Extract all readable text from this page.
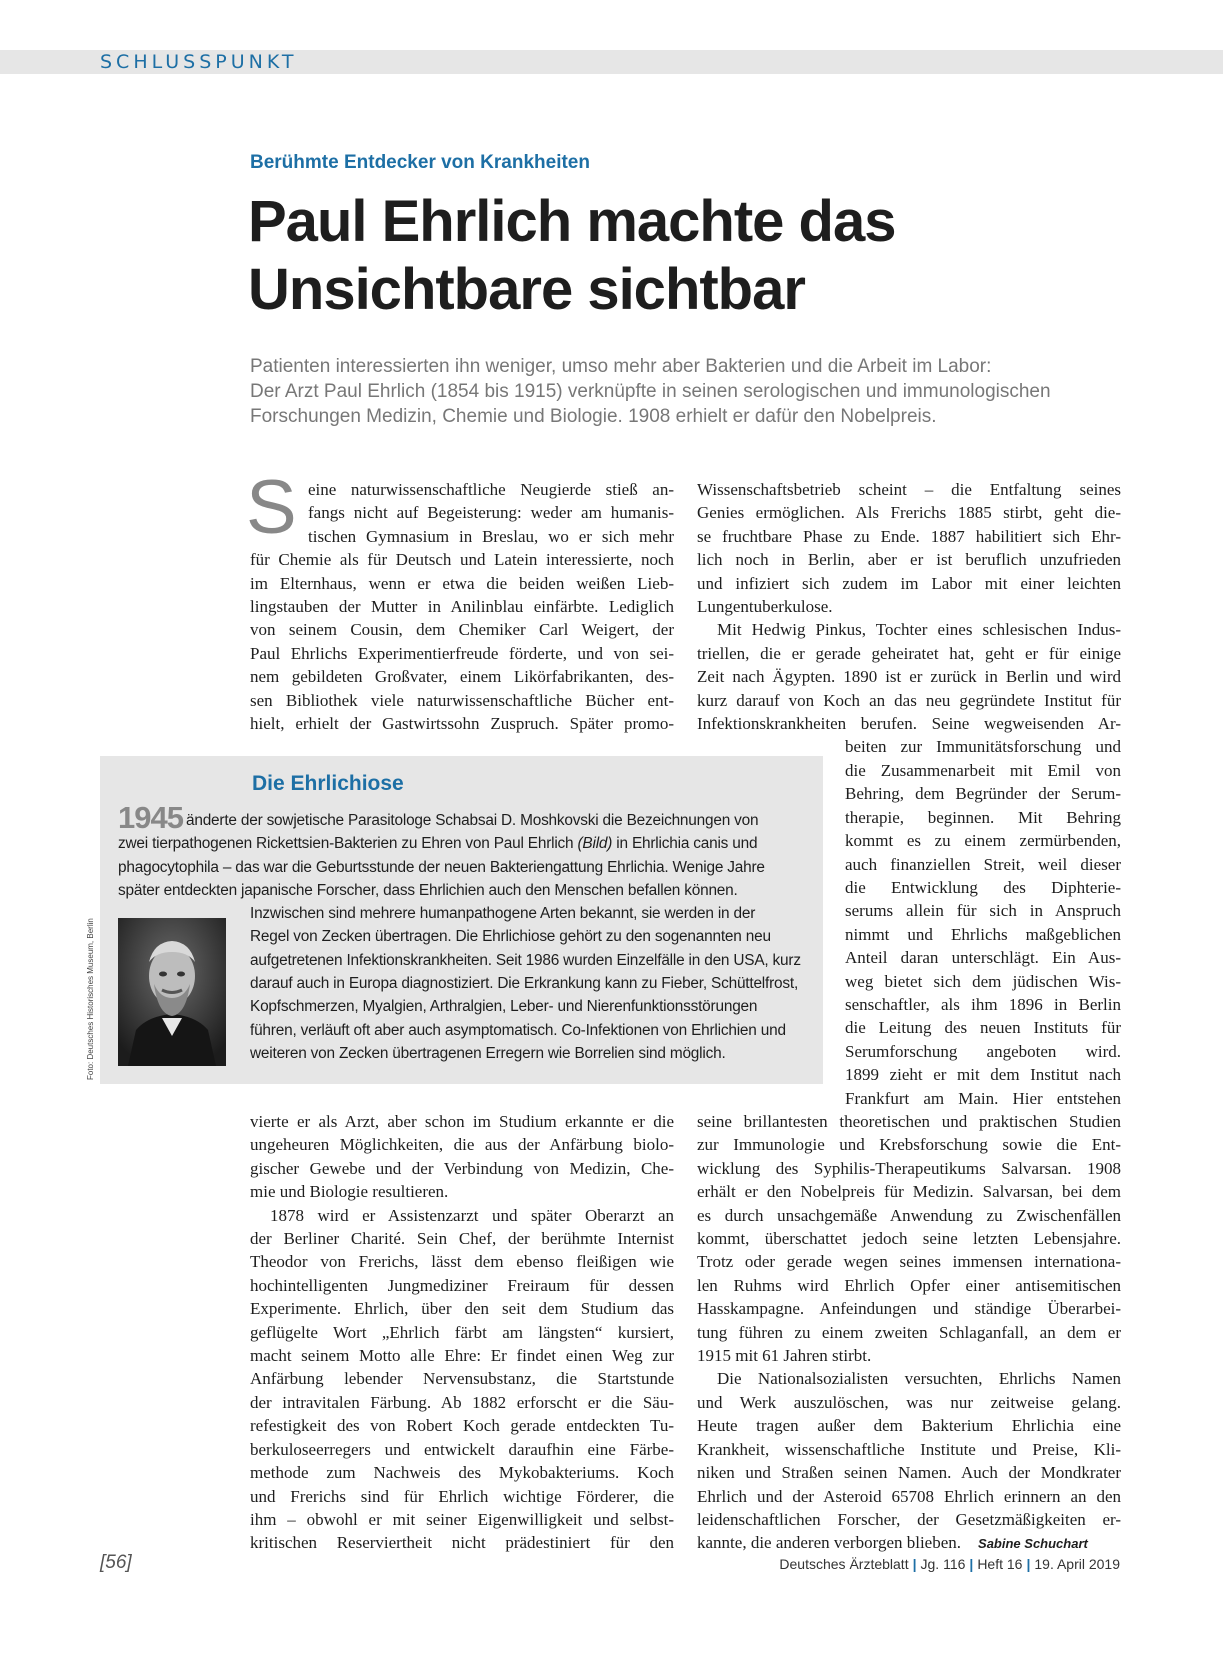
SCHLUSSPUNKT
Berühmte Entdecker von Krankheiten
Paul Ehrlich machte das
Unsichtbare sichtbar
Patienten interessierten ihn weniger, umso mehr aber Bakterien und die Arbeit im Labor:
Der Arzt Paul Ehrlich (1854 bis 1915) verknüpfte in seinen serologischen und immunologischen
Forschungen Medizin, Chemie und Biologie. 1908 erhielt er dafür den Nobelpreis.
S eine naturwissenschaftliche Neugierde stieß an-
fangs nicht auf Begeisterung: weder am humanis-
tischen Gymnasium in Breslau, wo er sich mehr
für Chemie als für Deutsch und Latein interessierte, noch
im Elternhaus, wenn er etwa die beiden weißen Lieb-
lingstauben der Mutter in Anilinblau einfärbte. Lediglich
von seinem Cousin, dem Chemiker Carl Weigert, der
Paul Ehrlichs Experimentierfreude förderte, und von sei-
nem gebildeten Großvater, einem Likörfabrikanten, des-
sen Bibliothek viele naturwissenschaftliche Bücher ent-
hielt, erhielt der Gastwirtssohn Zuspruch. Später promo-
Wissenschaftsbetrieb scheint – die Entfaltung seines
Genies ermöglichen. Als Frerichs 1885 stirbt, geht die-
se fruchtbare Phase zu Ende. 1887 habilitiert sich Ehr-
lich noch in Berlin, aber er ist beruflich unzufrieden
und infiziert sich zudem im Labor mit einer leichten
Lungentuberkulose.
Mit Hedwig Pinkus, Tochter eines schlesischen Indus-
triellen, die er gerade geheiratet hat, geht er für einige
Zeit nach Ägypten. 1890 ist er zurück in Berlin und wird
kurz darauf von Koch an das neu gegründete Institut für
Infektionskrankheiten berufen. Seine wegweisenden Ar-
beiten zur Immunitätsforschung und
die Zusammenarbeit mit Emil von
Behring, dem Begründer der Serum-
therapie, beginnen. Mit Behring
kommt es zu einem zermürbenden,
auch finanziellen Streit, weil dieser
die Entwicklung des Diphterie-
serums allein für sich in Anspruch
nimmt und Ehrlichs maßgeblichen
Anteil daran unterschlägt. Ein Aus-
weg bietet sich dem jüdischen Wis-
senschaftler, als ihm 1896 in Berlin
die Leitung des neuen Instituts für
Serumforschung angeboten wird.
1899 zieht er mit dem Institut nach
Frankfurt am Main. Hier entstehen
Die Ehrlichiose
1945 änderte der sowjetische Parasitologe Schabsai D. Moshkovski die Bezeichnungen von
zwei tierpathogenen Rickettsien-Bakterien zu Ehren von Paul Ehrlich (Bild) in Ehrlichia canis und
phagocytophila – das war die Geburtsstunde der neuen Bakteriengattung Ehrlichia. Wenige Jahre
später entdeckten japanische Forscher, dass Ehrlichien auch den Menschen befallen können.
Inzwischen sind mehrere humanpathogene Arten bekannt, sie werden in der
Regel von Zecken übertragen. Die Ehrlichiose gehört zu den sogenannten neu
aufgetretenen Infektionskrankheiten. Seit 1986 wurden Einzelfälle in den USA, kurz
darauf auch in Europa diagnostiziert. Die Erkrankung kann zu Fieber, Schüttelfrost,
Kopfschmerzen, Myalgien, Arthralgien, Leber- und Nierenfunktionsstörungen
führen, verläuft oft aber auch asymptomatisch. Co-Infektionen von Ehrlichien und
weiteren von Zecken übertragenen Erregern wie Borrelien sind möglich.
Foto: Deutsches Historisches Museum, Berlin
vierte er als Arzt, aber schon im Studium erkannte er die
ungeheuren Möglichkeiten, die aus der Anfärbung biolo-
gischer Gewebe und der Verbindung von Medizin, Che-
mie und Biologie resultieren.
1878 wird er Assistenzarzt und später Oberarzt an
der Berliner Charité. Sein Chef, der berühmte Internist
Theodor von Frerichs, lässt dem ebenso fleißigen wie
hochintelligenten Jungmediziner Freiraum für dessen
Experimente. Ehrlich, über den seit dem Studium das
geflügelte Wort „Ehrlich färbt am längsten“ kursiert,
macht seinem Motto alle Ehre: Er findet einen Weg zur
Anfärbung lebender Nervensubstanz, die Startstunde
der intravitalen Färbung. Ab 1882 erforscht er die Säu-
refestigkeit des von Robert Koch gerade entdeckten Tu-
berkuloseerregers und entwickelt daraufhin eine Färbe-
methode zum Nachweis des Mykobakteriums. Koch
und Frerichs sind für Ehrlich wichtige Förderer, die
ihm – obwohl er mit seiner Eigenwilligkeit und selbst-
kritischen Reserviertheit nicht prädestiniert für den
seine brillantesten theoretischen und praktischen Studien
zur Immunologie und Krebsforschung sowie die Ent-
wicklung des Syphilis-Therapeutikums Salvarsan. 1908
erhält er den Nobelpreis für Medizin. Salvarsan, bei dem
es durch unsachgemäße Anwendung zu Zwischenfällen
kommt, überschattet jedoch seine letzten Lebensjahre.
Trotz oder gerade wegen seines immensen internationa-
len Ruhms wird Ehrlich Opfer einer antisemitischen
Hasskampagne. Anfeindungen und ständige Überarbei-
tung führen zu einem zweiten Schlaganfall, an dem er
1915 mit 61 Jahren stirbt.
Die Nationalsozialisten versuchten, Ehrlichs Namen
und Werk auszulöschen, was nur zeitweise gelang.
Heute tragen außer dem Bakterium Ehrlichia eine
Krankheit, wissenschaftliche Institute und Preise, Kli-
niken und Straßen seinen Namen. Auch der Mondkrater
Ehrlich und der Asteroid 65708 Ehrlich erinnern an den
leidenschaftlichen Forscher, der Gesetzmäßigkeiten er-
kannte, die anderen verborgen blieben. Sabine Schuchart
[56]	Deutsches Ärzteblatt | Jg. 116 | Heft 16 | 19. April 2019
